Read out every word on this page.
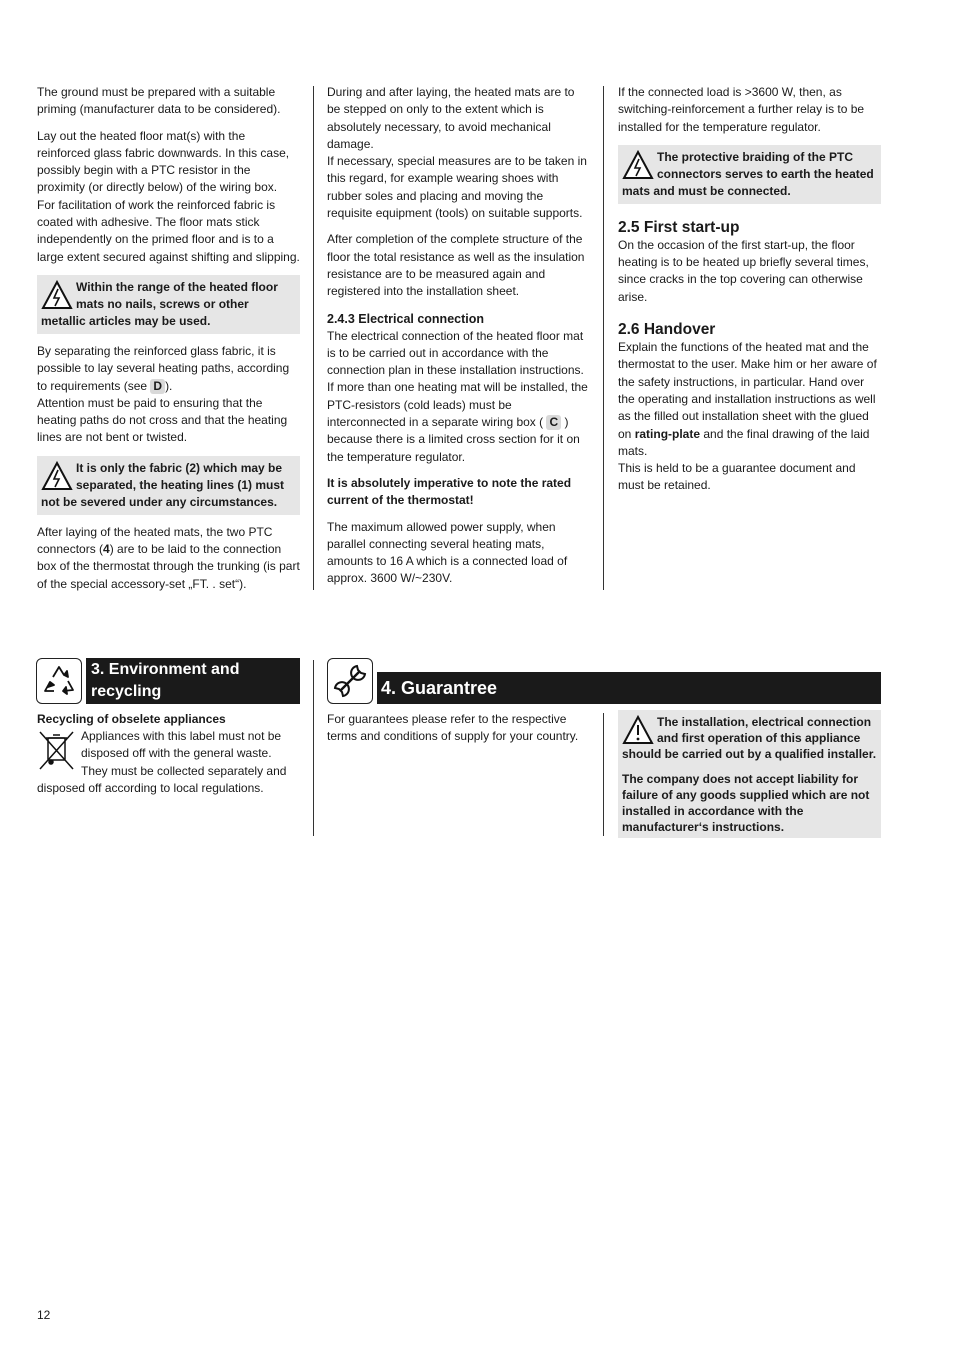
The ground must be prepared with a suitable priming (manufacturer data to be considered).

Lay out the heated floor mat(s) with the reinforced glass fabric downwards. In this case, possibly begin with a PTC resistor in the proximity (or directly below) of the wiring box.

For facilitation of work the reinforced fabric is coated with adhesive. The floor mats stick independently on the primed floor and is to a large extent secured against shifting and slipping.

Within the range of the heated floor mats no nails, screws or other metallic articles may be used.

By separating the reinforced glass fabric, it is possible to lay several heating paths, according to requirements (see D ).

Attention must be paid to ensuring that the heating paths do not cross and that the heating lines are not bent or twisted.

It is only the fabric (2) which may be separated, the heating lines (1) must not be severed under any circumstances.

After laying of the heated mats, the two PTC connectors (4) are to be laid to the connection box of the thermostat through the trunking (is part of the special accessory-set „FT. . set“).

During and after laying, the heated mats are to be stepped on only to the extent which is absolutely necessary, to avoid mechanical damage.

If necessary, special measures are to be taken in this regard, for example wearing shoes with rubber soles and placing and moving the requisite equipment (tools) on suitable supports.

After completion of the complete structure of the floor the total resistance as well as the insulation resistance are to be measured again and registered into the installation sheet.

2.4.3 Electrical connection

The electrical connection of the heated floor mat is to be carried out in accordance with the connection plan in these installation instructions.

If more than one heating mat will be installed, the PTC-resistors (cold leads) must be interconnected in a separate wiring box ( C ) because there is a limited cross section for it on the temperature regulator.

It is absolutely imperative to note the rated current of the thermostat!

The maximum allowed power supply, when parallel connecting several heating mats, amounts to 16 A which is a connected load of approx. 3600 W/~230V.

If the connected load is >3600 W, then, as switching-reinforcement a further relay is to be installed for the temperature regulator.

The protective braiding of the PTC connectors serves to earth the heated mats and must be connected.

2.5 First start-up

On the occasion of the first start-up, the floor heating is to be heated up briefly several times, since cracks in the top covering can otherwise arise.

2.6 Handover

Explain the functions of the heated mat and the thermostat to the user. Make him or her aware of the safety instructions, in particular. Hand over the operating and installation instructions as well as the filled out installation sheet with the glued on rating-plate and the final drawing of the laid mats.

This is held to be a guarantee document and must be retained.

3. Environment and recycling
Recycling of obselete appliances

Appliances with this label must not be disposed off with the general waste. They must be collected separately and disposed off according to local regulations.

4. Guarantree

For guarantees please refer to the respective terms and conditions of supply for your country.

The installation, electrical connection and first operation of this appliance should be carried out by a qualified installer.

The company does not accept liability for failure of any goods supplied which are not installed in accordance with the manufacturer‘s instructions.

12
